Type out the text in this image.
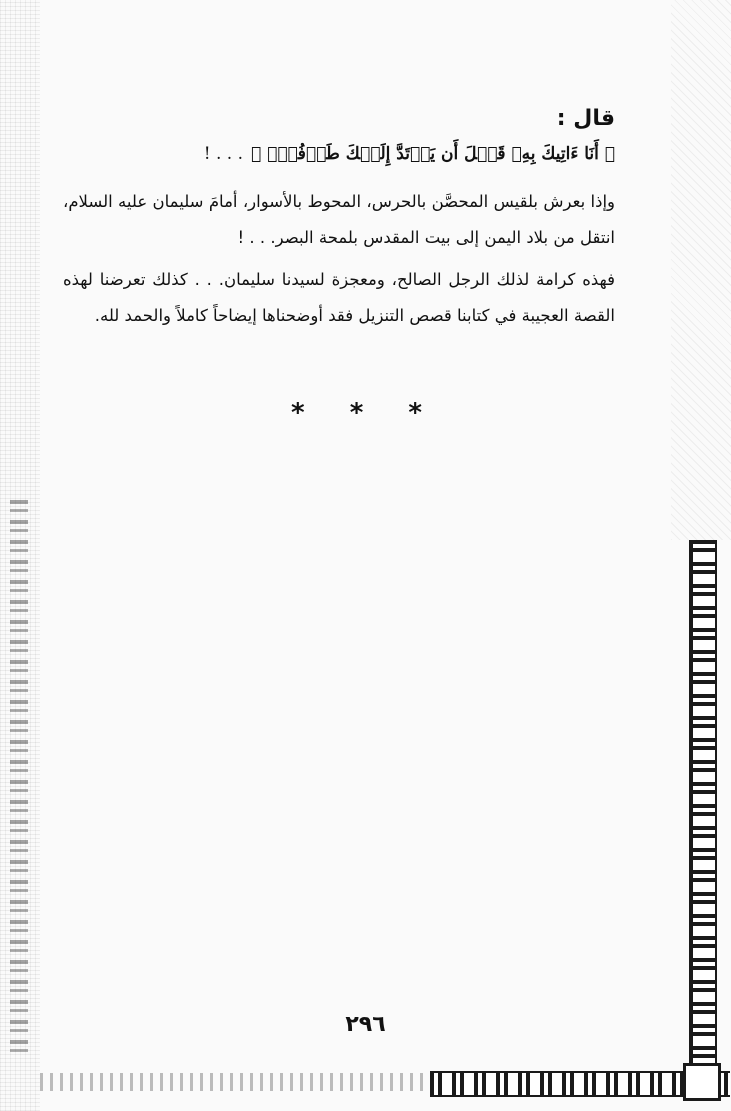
قال :
﴿ أَنَا ءَاتِيكَ بِهِۦ قَبۡلَ أَن يَرۡتَدَّ إِلَيۡكَ طَرۡفُكَۚ ﴾. . . !
وإذا بعرش بلقيس المحصَّن بالحرس، المحوط بالأسوار، أمامَ سليمان عليه السلام، انتقل من بلاد اليمن إلى بيت المقدس بلمحة البصر. . . !
فهذه كرامة لذلك الرجل الصالح، ومعجزة لسيدنا سليمان. . . كذلك تعرضنا لهذه القصة العجيبة في كتابنا قصص التنزيل فقد أوضحناها إيضاحاً كاملاً والحمد لله.
* * *
٢٩٦
